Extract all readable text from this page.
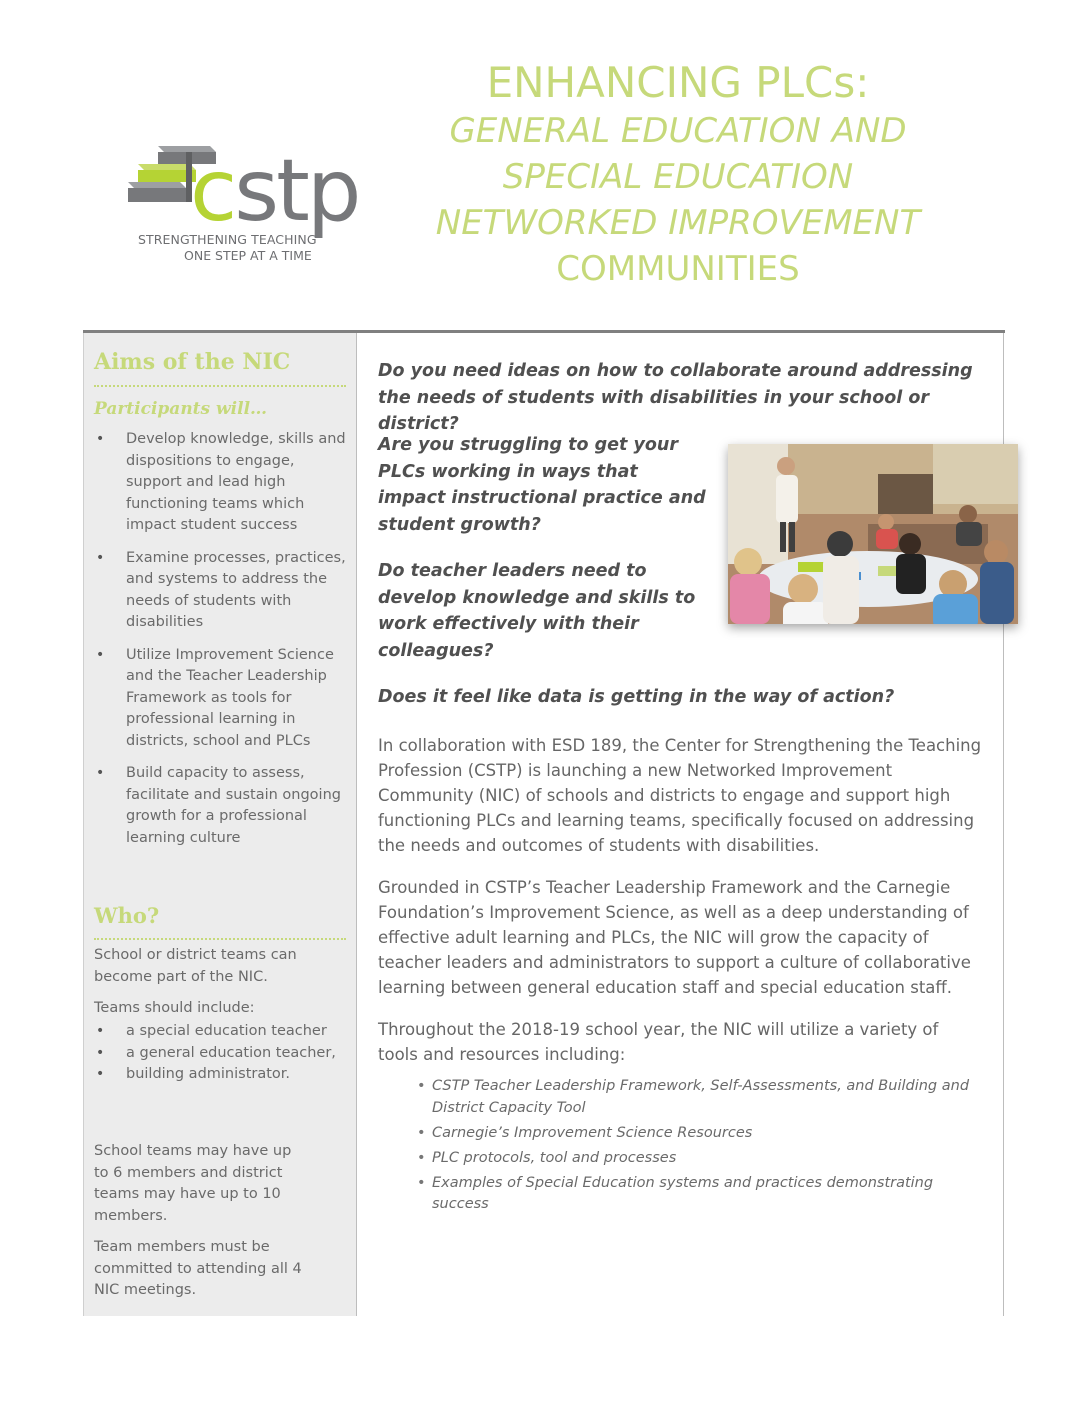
cstp
STRENGTHENING TEACHING
ONE STEP AT A TIME
ENHANCING PLCs:
GENERAL EDUCATION AND
SPECIAL EDUCATION
NETWORKED IMPROVEMENT
COMMUNITIES
Aims of the NIC
Participants will…
• Develop knowledge, skills and dispositions to engage, support and lead high functioning teams which impact student success
• Examine processes, practices, and systems to address the needs of students with disabilities
• Utilize Improvement Science and the Teacher Leadership Framework as tools for professional learning in districts, school and PLCs
• Build capacity to assess, facilitate and sustain ongoing growth for a professional learning culture
Who?

School or district teams can become part of the NIC.

Teams should include:

• a special education teacher
• a general education teacher,
• building administrator.

School teams may have up to 6 members and district teams may have up to 10 members.

Team members must be committed to attending all 4 NIC meetings.

Do you need ideas on how to collaborate around addressing the needs of students with disabilities in your school or district?

Are you struggling to get your PLCs working in ways that impact instructional practice and student growth?

Do teacher leaders need to develop knowledge and skills to work effectively with their colleagues?

Does it feel like data is getting in the way of action?

In collaboration with ESD 189, the Center for Strengthening the Teaching Profession (CSTP) is launching a new Networked Improvement Community (NIC) of schools and districts to engage and support high functioning PLCs and learning teams, specifically focused on addressing the needs and outcomes of students with disabilities.

Grounded in CSTP’s Teacher Leadership Framework and the Carnegie Foundation’s Improvement Science, as well as a deep understanding of effective adult learning and PLCs, the NIC will grow the capacity of teacher leaders and administrators to support a culture of collaborative learning between general education staff and special education staff.

Throughout the 2018-19 school year, the NIC will utilize a variety of tools and resources including:

• CSTP Teacher Leadership Framework, Self-Assessments, and Building and District Capacity Tool
• Carnegie’s Improvement Science Resources
• PLC protocols, tool and processes
• Examples of Special Education systems and practices demonstrating success
